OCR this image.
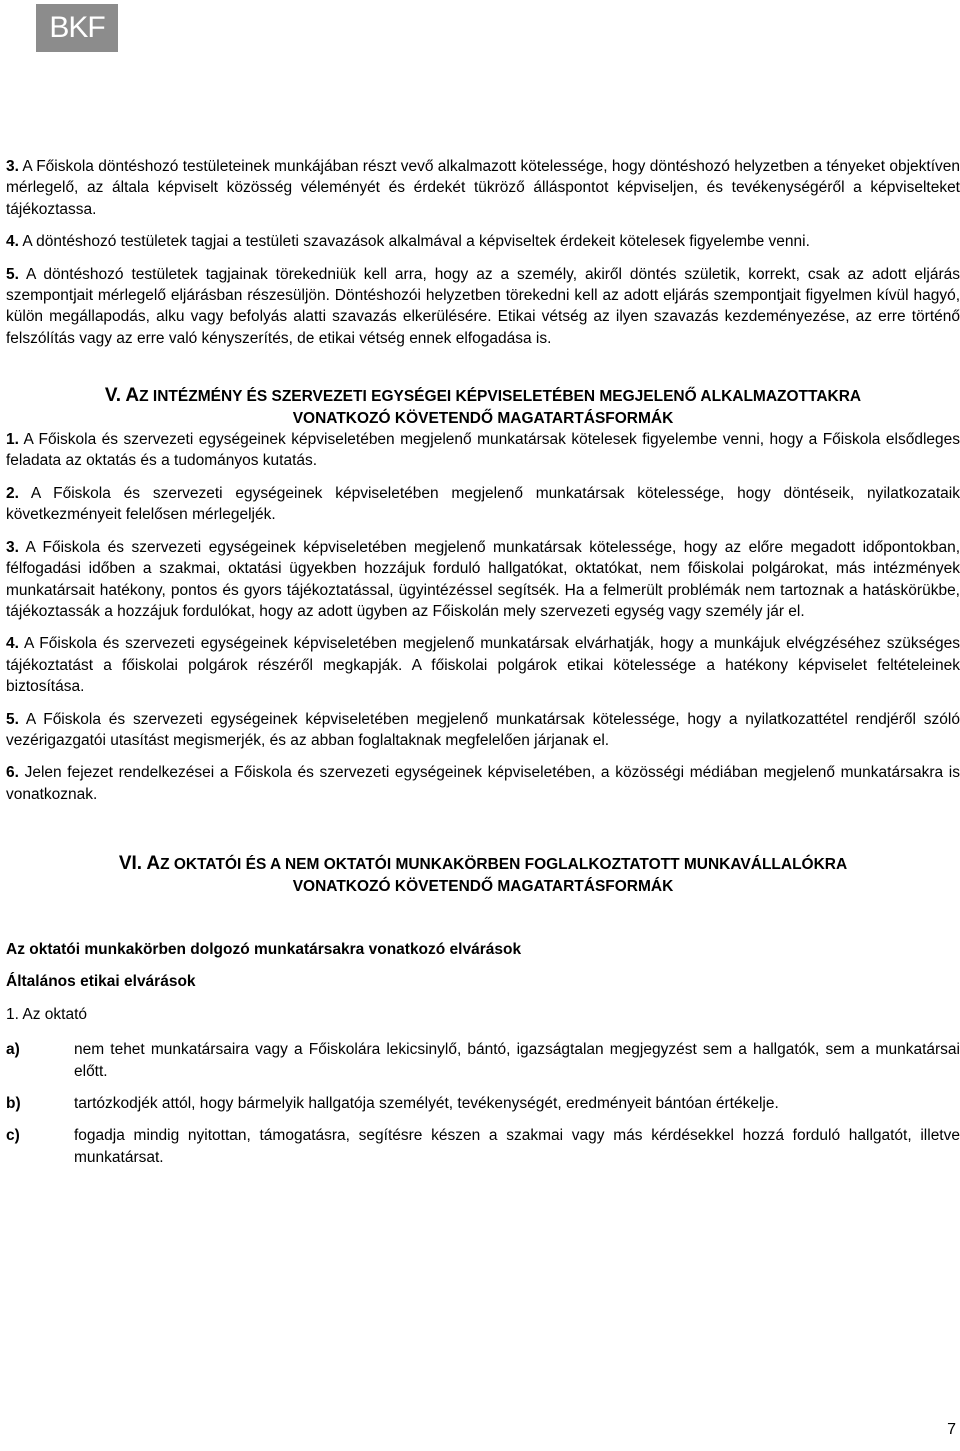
BKF

3. A Főiskola döntéshozó testületeinek munkájában részt vevő alkalmazott kötelessége, hogy döntéshozó helyzetben a tényeket objektíven mérlegelő, az általa képviselt közösség véleményét és érdekét tükröző álláspontot képviseljen, és tevékenységéről a képviselteket tájékoztassa.

4. A döntéshozó testületek tagjai a testületi szavazások alkalmával a képviseltek érdekeit kötelesek figyelembe venni.

5. A döntéshozó testületek tagjainak törekedniük kell arra, hogy az a személy, akiről döntés születik, korrekt, csak az adott eljárás szempontjait mérlegelő eljárásban részesüljön. Döntéshozói helyzetben törekedni kell az adott eljárás szempontjait figyelmen kívül hagyó, külön megállapodás, alku vagy befolyás alatti szavazás elkerülésére. Etikai vétség az ilyen szavazás kezdeményezése, az erre történő felszólítás vagy az erre való kényszerítés, de etikai vétség ennek elfogadása is.

V. AZ INTÉZMÉNY ÉS SZERVEZETI EGYSÉGEI KÉPVISELETÉBEN MEGJELENŐ ALKALMAZOTTAKRA
VONATKOZÓ KÖVETENDŐ MAGATARTÁSFORMÁK

1. A Főiskola és szervezeti egységeinek képviseletében megjelenő munkatársak kötelesek figyelembe venni, hogy a Főiskola elsődleges feladata az oktatás és a tudományos kutatás.

2. A Főiskola és szervezeti egységeinek képviseletében megjelenő munkatársak kötelessége, hogy döntéseik, nyilatkozataik következményeit felelősen mérlegeljék.

3. A Főiskola és szervezeti egységeinek képviseletében megjelenő munkatársak kötelessége, hogy az előre megadott időpontokban, félfogadási időben a szakmai, oktatási ügyekben hozzájuk forduló hallgatókat, oktatókat, nem főiskolai polgárokat, más intézmények munkatársait hatékony, pontos és gyors tájékoztatással, ügyintézéssel segítsék. Ha a felmerült problémák nem tartoznak a hatáskörükbe, tájékoztassák a hozzájuk fordulókat, hogy az adott ügyben az Főiskolán mely szervezeti egység vagy személy jár el.

4. A Főiskola és szervezeti egységeinek képviseletében megjelenő munkatársak elvárhatják, hogy a munkájuk elvégzéséhez szükséges tájékoztatást a főiskolai polgárok részéről megkapják. A főiskolai polgárok etikai kötelessége a hatékony képviselet feltételeinek biztosítása.

5. A Főiskola és szervezeti egységeinek képviseletében megjelenő munkatársak kötelessége, hogy a nyilatkozattétel rendjéről szóló vezérigazgatói utasítást megismerjék, és az abban foglaltaknak megfelelően járjanak el.

6. Jelen fejezet rendelkezései a Főiskola és szervezeti egységeinek képviseletében, a közösségi médiában megjelenő munkatársakra is vonatkoznak.

VI. AZ OKTATÓI ÉS A NEM OKTATÓI MUNKAKÖRBEN FOGLALKOZTATOTT MUNKAVÁLLALÓKRA
VONATKOZÓ KÖVETENDŐ MAGATARTÁSFORMÁK

Az oktatói munkakörben dolgozó munkatársakra vonatkozó elvárások

Általános etikai elvárások

1. Az oktató

a)	nem tehet munkatársaira vagy a Főiskolára lekicsinylő, bántó, igazságtalan megjegyzést sem a hallgatók, sem a munkatársai előtt.
b)	tartózkodjék attól, hogy bármelyik hallgatója személyét, tevékenységét, eredményeit bántóan értékelje.
c)	fogadja mindig nyitottan, támogatásra, segítésre készen a szakmai vagy más kérdésekkel hozzá forduló hallgatót, illetve munkatársat.
7
